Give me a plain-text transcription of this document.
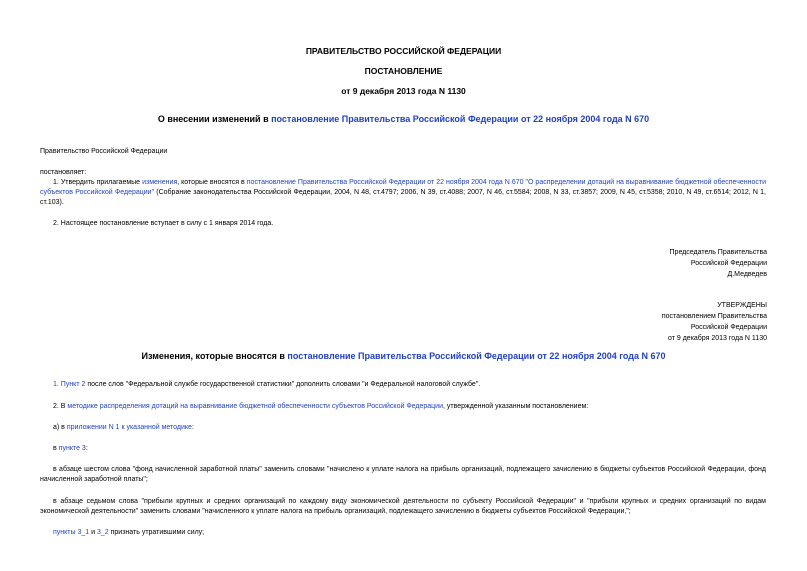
ПРАВИТЕЛЬСТВО РОССИЙСКОЙ ФЕДЕРАЦИИ
ПОСТАНОВЛЕНИЕ
от 9 декабря 2013 года N 1130
О внесении изменений в постановление Правительства Российской Федерации от 22 ноября 2004 года N 670
Правительство Российской Федерации
постановляет:
1. Утвердить прилагаемые изменения, которые вносятся в постановление Правительства Российской Федерации от 22 ноября 2004 года N 670 "О распределении дотаций на выравнивание бюджетной обеспеченности субъектов Российской Федерации" (Собрание законодательства Российской Федерации, 2004, N 48, ст.4797; 2006, N 39, ст.4088; 2007, N 46, ст.5584; 2008, N 33, ст.3857; 2009, N 45, ст.5358; 2010, N 49, ст.6514; 2012, N 1, ст.103).
2. Настоящее постановление вступает в силу с 1 января 2014 года.
Председатель Правительства
Российской Федерации
Д.Медведев
УТВЕРЖДЕНЫ
постановлением Правительства
Российской Федерации
от 9 декабря 2013 года N 1130
Изменения, которые вносятся в постановление Правительства Российской Федерации от 22 ноября 2004 года N 670
1. Пункт 2 после слов "Федеральной службе государственной статистики" дополнить словами "и Федеральной налоговой службе".
2. В методике распределения дотаций на выравнивание бюджетной обеспеченности субъектов Российской Федерации, утвержденной указанным постановлением:
а) в приложении N 1 к указанной методике:
в пункте 3:
в абзаце шестом слова "фонд начисленной заработной платы" заменить словами "начислено к уплате налога на прибыль организаций, подлежащего зачислению в бюджеты субъектов Российской Федерации, фонд начисленной заработной платы";
в абзаце седьмом слова "прибыли крупных и средних организаций по каждому виду экономической деятельности по субъекту Российской Федерации" и "прибыли крупных и средних организаций по видам экономической деятельности" заменить словами "начисленного к уплате налога на прибыль организаций, подлежащего зачислению в бюджеты субъектов Российской Федерации,";
пункты 3_1 и 3_2 признать утратившими силу;
